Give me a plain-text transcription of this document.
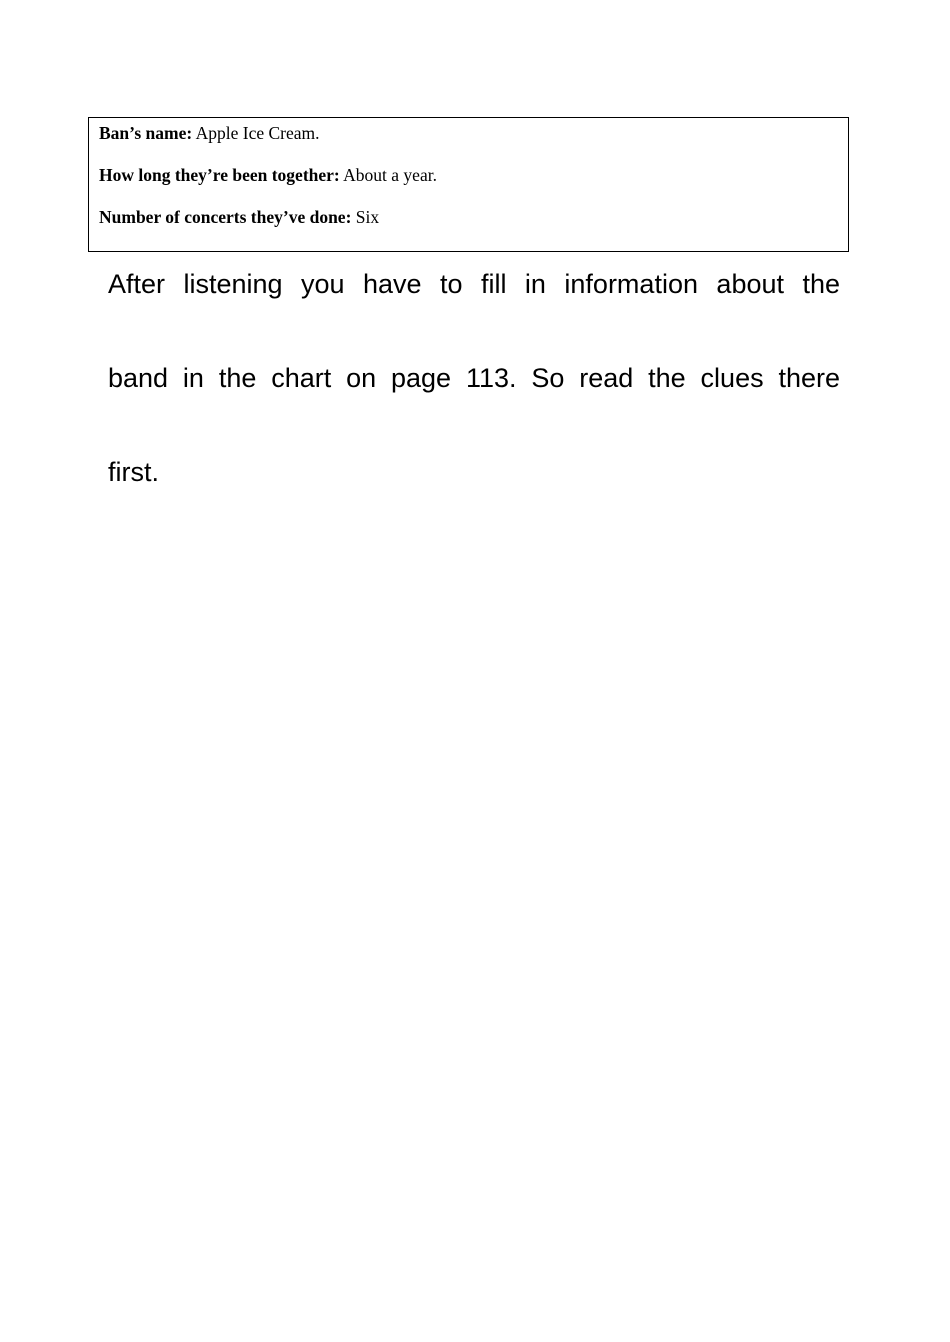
Ban’s name: Apple Ice Cream.

How long they’re been together: About a year.

Number of concerts they’ve done: Six

After listening you have to fill in information about the
band in the chart on page 113. So read the clues there
first.
